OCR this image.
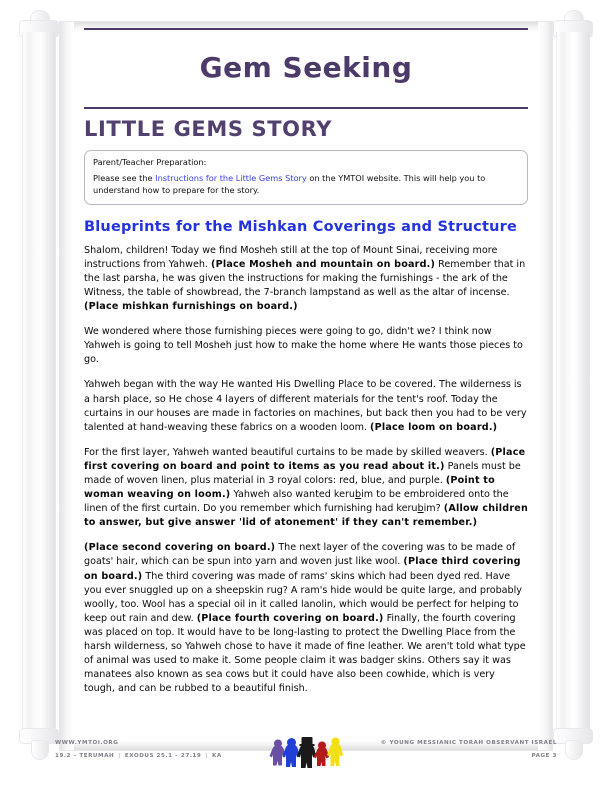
Gem Seeking
LITTLE GEMS STORY
Parent/Teacher Preparation:
Please see the Instructions for the Little Gems Story on the YMTOI website. This will help you to understand how to prepare for the story.
Blueprints for the Mishkan Coverings and Structure

Shalom, children! Today we find Mosheh still at the top of Mount Sinai, receiving more instructions from Yahweh. (Place Mosheh and mountain on board.) Remember that in the last parsha, he was given the instructions for making the furnishings - the ark of the Witness, the table of showbread, the 7-branch lampstand as well as the altar of incense. (Place mishkan furnishings on board.)

We wondered where those furnishing pieces were going to go, didn't we? I think now Yahweh is going to tell Mosheh just how to make the home where He wants those pieces to go.

Yahweh began with the way He wanted His Dwelling Place to be covered. The wilderness is a harsh place, so He chose 4 layers of different materials for the tent's roof. Today the curtains in our houses are made in factories on machines, but back then you had to be very talented at hand-weaving these fabrics on a wooden loom. (Place loom on board.)

For the first layer, Yahweh wanted beautiful curtains to be made by skilled weavers. (Place first covering on board and point to items as you read about it.) Panels must be made of woven linen, plus material in 3 royal colors: red, blue, and purple. (Point to woman weaving on loom.) Yahweh also wanted kerubim to be embroidered onto the linen of the first curtain. Do you remember which furnishing had kerubim? (Allow children to answer, but give answer 'lid of atonement' if they can't remember.)

(Place second covering on board.) The next layer of the covering was to be made of goats' hair, which can be spun into yarn and woven just like wool. (Place third covering on board.) The third covering was made of rams' skins which had been dyed red. Have you ever snuggled up on a sheepskin rug? A ram's hide would be quite large, and probably woolly, too. Wool has a special oil in it called lanolin, which would be perfect for helping to keep out rain and dew. (Place fourth covering on board.) Finally, the fourth covering was placed on top. It would have to be long-lasting to protect the Dwelling Place from the harsh wilderness, so Yahweh chose to have it made of fine leather. We aren't told what type of animal was used to make it. Some people claim it was badger skins. Others say it was manatees also known as sea cows but it could have also been cowhide, which is very tough, and can be rubbed to a beautiful finish.

WWW.YMTOI.ORG
19.2 – TERUMAH | EXODUS 25.1 – 27.19 | KA
© YOUNG MESSIANIC TORAH OBSERVANT ISRAEL
PAGE 3
